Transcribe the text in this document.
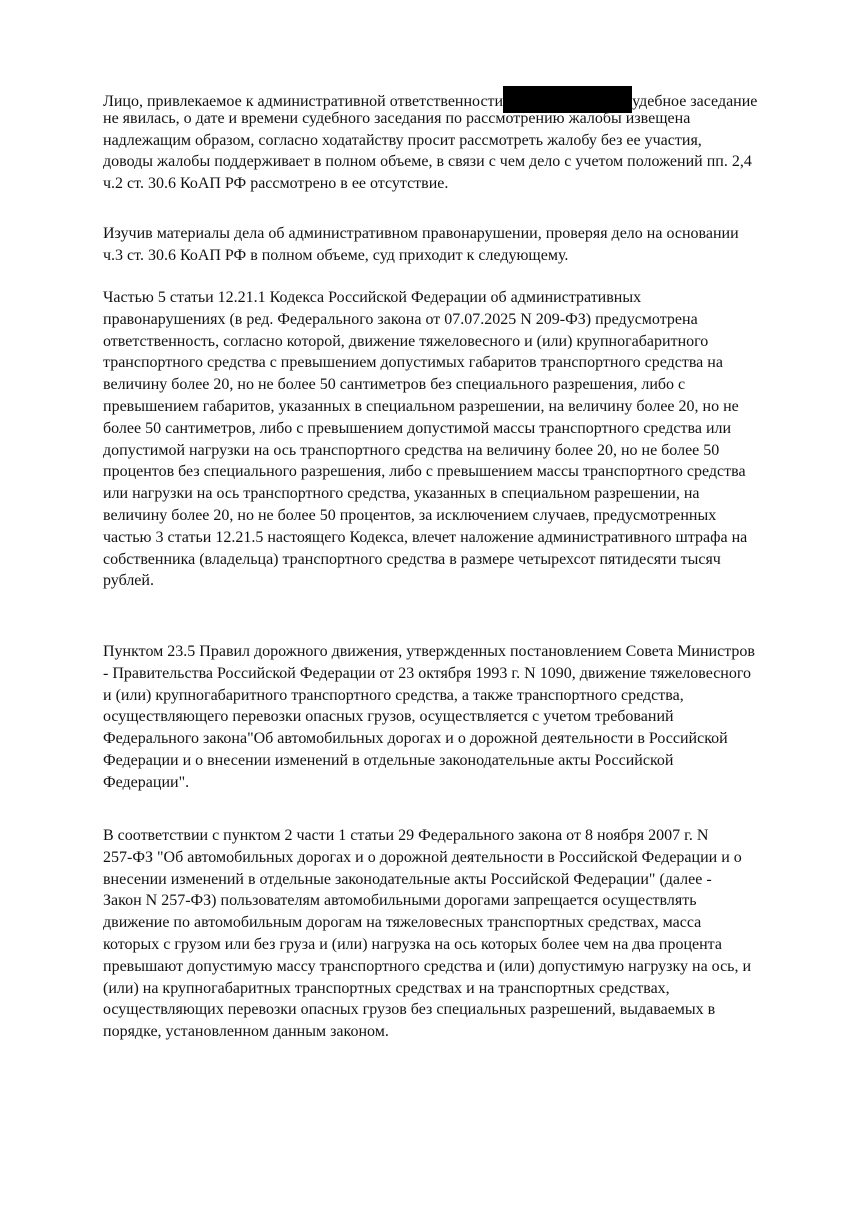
Лицо, привлекаемое к административной ответственности	удебное заседание
не явилась, о дате и времени судебного заседания по рассмотрению жалобы извещена
надлежащим образом, согласно ходатайству просит рассмотреть жалобу без ее участия,
доводы жалобы поддерживает в полном объеме, в связи с чем дело с учетом положений пп. 2,4
ч.2 ст. 30.6 КоАП РФ рассмотрено в ее отсутствие.
Изучив материалы дела об административном правонарушении, проверяя дело на основании
ч.3 ст. 30.6 КоАП РФ в полном объеме, суд приходит к следующему.
Частью 5 статьи 12.21.1 Кодекса Российской Федерации об административных
правонарушениях (в ред. Федерального закона от 07.07.2025 N 209-ФЗ) предусмотрена
ответственность, согласно которой, движение тяжеловесного и (или) крупногабаритного
транспортного средства с превышением допустимых габаритов транспортного средства на
величину более 20, но не более 50 сантиметров без специального разрешения, либо с
превышением габаритов, указанных в специальном разрешении, на величину более 20, но не
более 50 сантиметров, либо с превышением допустимой массы транспортного средства или
допустимой нагрузки на ось транспортного средства на величину более 20, но не более 50
процентов без специального разрешения, либо с превышением массы транспортного средства
или нагрузки на ось транспортного средства, указанных в специальном разрешении, на
величину более 20, но не более 50 процентов, за исключением случаев, предусмотренных
частью 3 статьи 12.21.5 настоящего Кодекса, влечет наложение административного штрафа на
собственника (владельца) транспортного средства в размере четырехсот пятидесяти тысяч
рублей.
Пунктом 23.5 Правил дорожного движения, утвержденных постановлением Совета Министров
- Правительства Российской Федерации от 23 октября 1993 г. N 1090, движение тяжеловесного
и (или) крупногабаритного транспортного средства, а также транспортного средства,
осуществляющего перевозки опасных грузов, осуществляется с учетом требований
Федерального закона"Об автомобильных дорогах и о дорожной деятельности в Российской
Федерации и о внесении изменений в отдельные законодательные акты Российской
Федерации".
В соответствии с пунктом 2 части 1 статьи 29 Федерального закона от 8 ноября 2007 г. N
257-ФЗ "Об автомобильных дорогах и о дорожной деятельности в Российской Федерации и о
внесении изменений в отдельные законодательные акты Российской Федерации" (далее -
Закон N 257-ФЗ) пользователям автомобильными дорогами запрещается осуществлять
движение по автомобильным дорогам на тяжеловесных транспортных средствах, масса
которых с грузом или без груза и (или) нагрузка на ось которых более чем на два процента
превышают допустимую массу транспортного средства и (или) допустимую нагрузку на ось, и
(или) на крупногабаритных транспортных средствах и на транспортных средствах,
осуществляющих перевозки опасных грузов без специальных разрешений, выдаваемых в
порядке, установленном данным законом.
